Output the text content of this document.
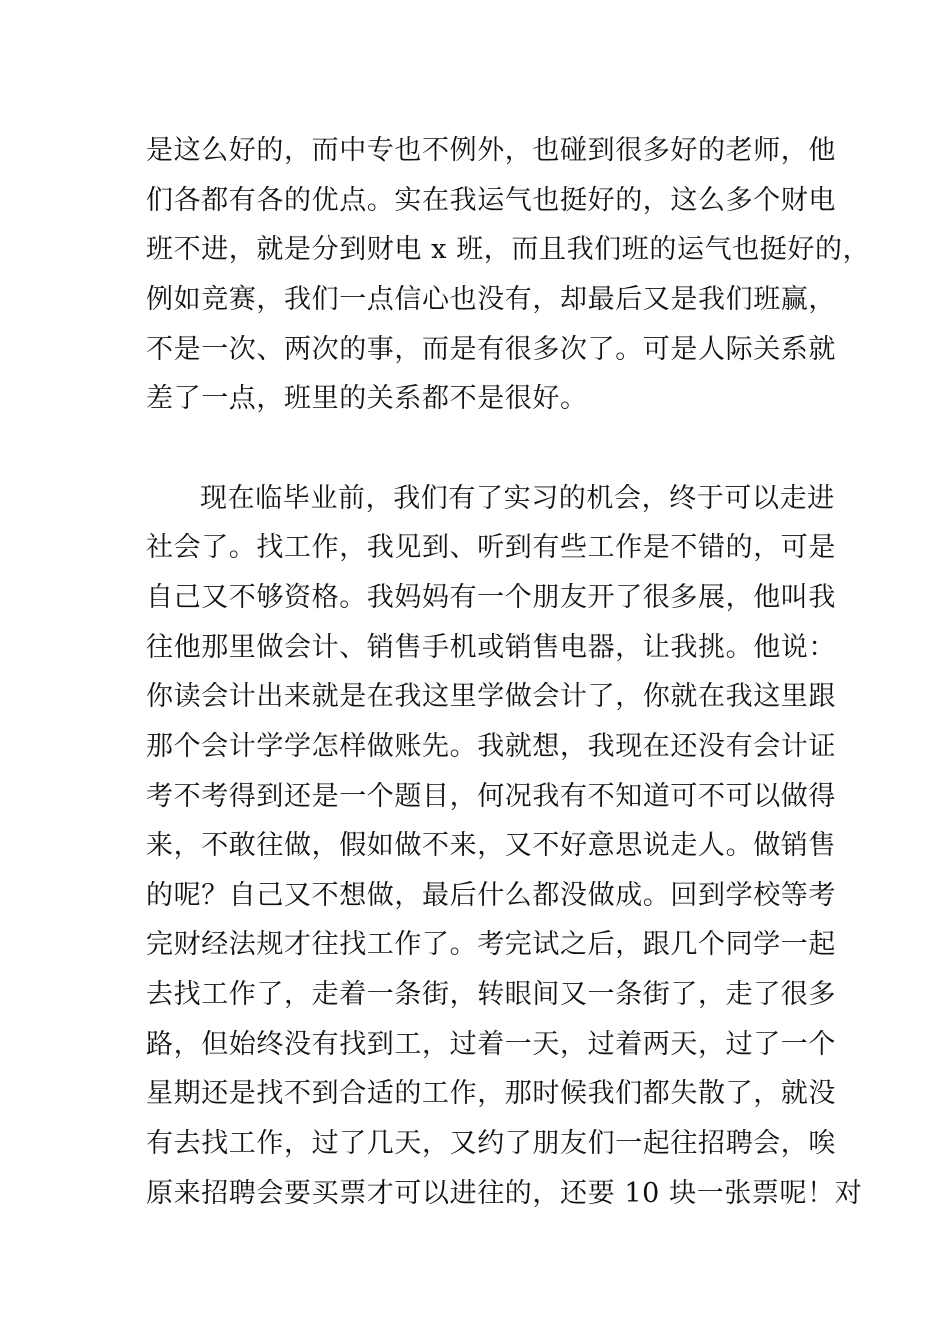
是这么好的，而中专也不例外，也碰到很多好的老师，他
们各都有各的优点。实在我运气也挺好的，这么多个财电
班不进，就是分到财电 x 班，而且我们班的运气也挺好的，
例如竞赛，我们一点信心也没有，却最后又是我们班赢，
不是一次、两次的事，而是有很多次了。可是人际关系就
差了一点，班里的关系都不是很好。
现在临毕业前，我们有了实习的机会，终于可以走进
社会了。找工作，我见到、听到有些工作是不错的，可是
自己又不够资格。我妈妈有一个朋友开了很多展，他叫我
往他那里做会计、销售手机或销售电器，让我挑。他说：
你读会计出来就是在我这里学做会计了，你就在我这里跟
那个会计学学怎样做账先。我就想，我现在还没有会计证
考不考得到还是一个题目，何况我有不知道可不可以做得
来，不敢往做，假如做不来，又不好意思说走人。做销售
的呢？自己又不想做，最后什么都没做成。回到学校等考
完财经法规才往找工作了。考完试之后，跟几个同学一起
去找工作了，走着一条街，转眼间又一条街了，走了很多
路，但始终没有找到工，过着一天，过着两天，过了一个
星期还是找不到合适的工作，那时候我们都失散了，就没
有去找工作，过了几天，又约了朋友们一起往招聘会，唉
原来招聘会要买票才可以进往的，还要 10 块一张票呢！对
